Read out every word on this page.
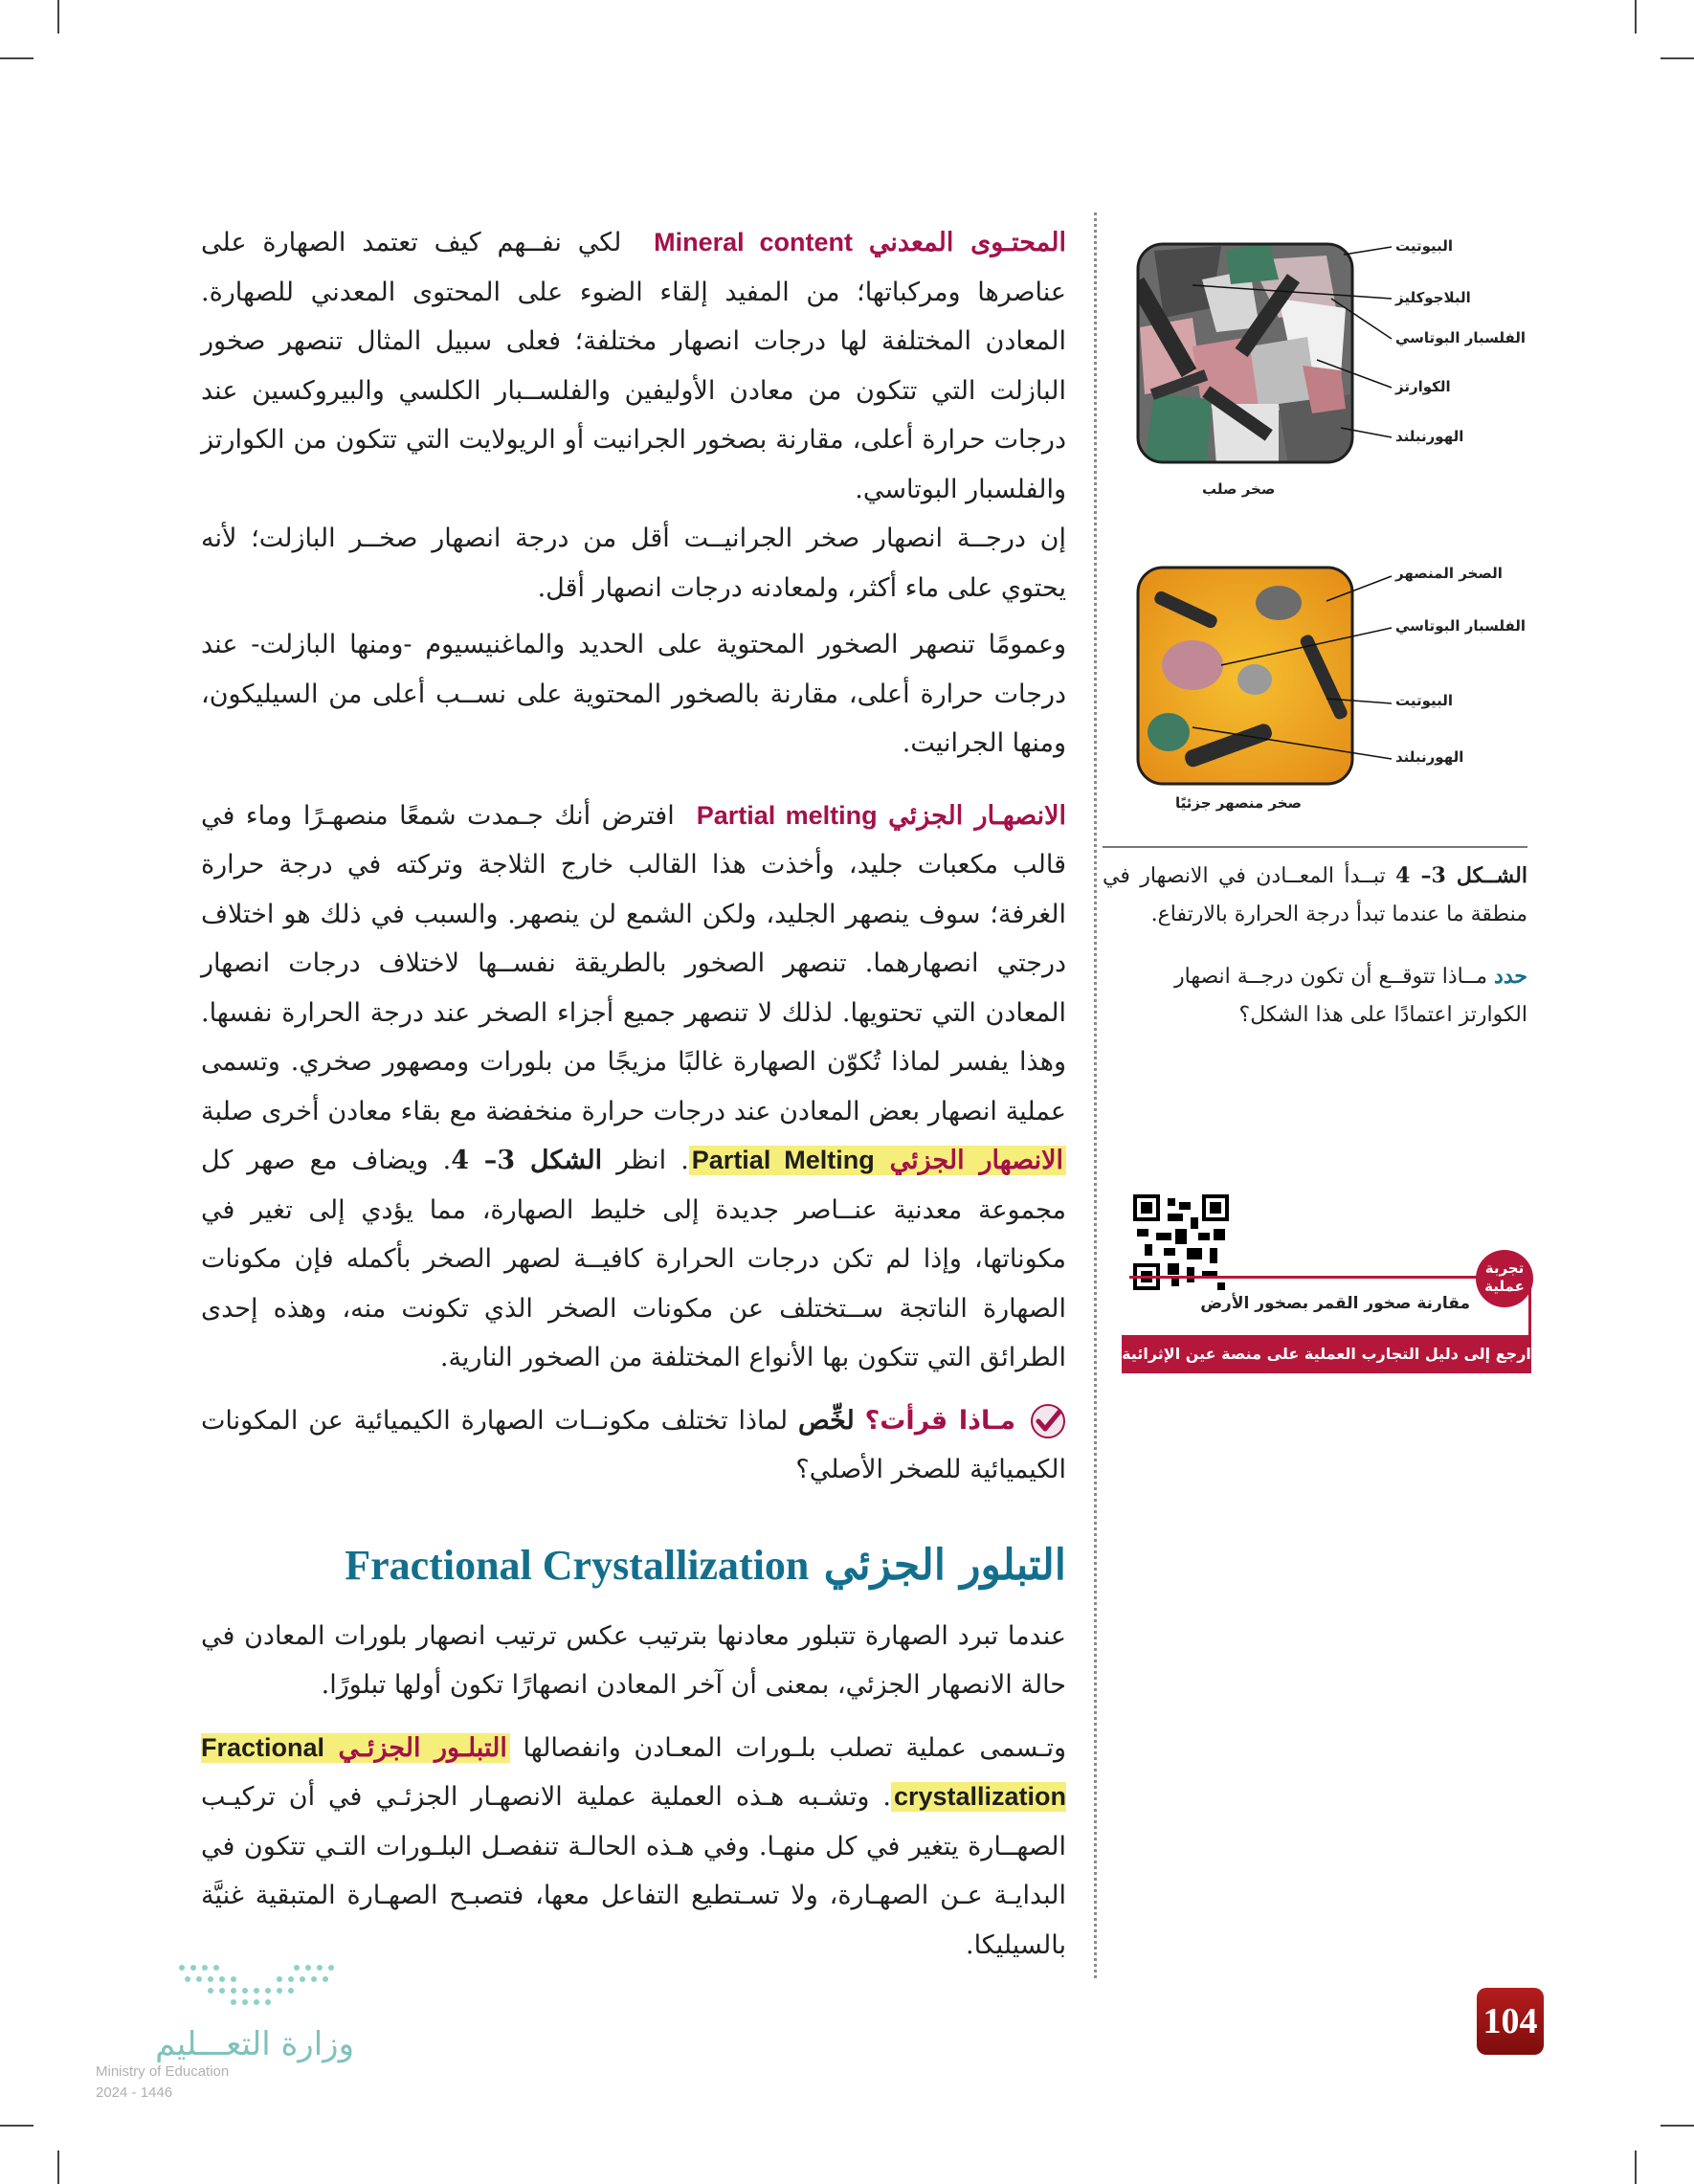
المحتـوى المعدني Mineral content  لكي نفــهم كيف تعتمد الصهارة على عناصرها ومركباتها؛ من المفيد إلقاء الضوء على المحتوى المعدني للصهارة. المعادن المختلفة لها درجات انصهار مختلفة؛ فعلى سبيل المثال تنصهر صخور البازلت التي تتكون من معادن الأوليفين والفلســبار الكلسي والبيروكسين عند درجات حرارة أعلى، مقارنة بصخور الجرانيت أو الريولايت التي تتكون من الكوارتز والفلسبار البوتاسي.

إن درجــة انصهار صخر الجرانيــت أقل من درجة انصهار صخــر البازلت؛ لأنه يحتوي على ماء أكثر، ولمعادنه درجات انصهار أقل.

وعمومًا تنصهر الصخور المحتوية على الحديد والماغنيسيوم -ومنها البازلت- عند درجات حرارة أعلى، مقارنة بالصخور المحتوية على نســب أعلى من السيليكون، ومنها الجرانيت.

الانصهـار الجزئي Partial melting  افترض أنك جـمدت شمعًا منصهـرًا وماء في قالب مكعبات جليد، وأخذت هذا القالب خارج الثلاجة وتركته في درجة حرارة الغرفة؛ سوف ينصهر الجليد، ولكن الشمع لن ينصهر. والسبب في ذلك هو اختلاف درجتي انصهارهما. تنصهر الصخور بالطريقة نفســها لاختلاف درجات انصهار المعادن التي تحتويها. لذلك لا تنصهر جميع أجزاء الصخر عند درجة الحرارة نفسها. وهذا يفسر لماذا تُكوّن الصهارة غالبًا مزيجًا من بلورات ومصهور صخري. وتسمى عملية انصهار بعض المعادن عند درجات حرارة منخفضة مع بقاء معادن أخرى صلبة الانصهار الجزئي Partial Melting. انظر الشكل 3– 4. ويضاف مع صهر كل مجموعة معدنية عنــاصر جديدة إلى خليط الصهارة، مما يؤدي إلى تغير في مكوناتها، وإذا لم تكن درجات الحرارة كافيــة لصهر الصخر بأكمله فإن مكونات الصهارة الناتجة ســتختلف عن مكونات الصخر الذي تكونت منه، وهذه إحدى الطرائق التي تتكون بها الأنواع المختلفة من الصخور النارية.

مـاذا قرأت؟ لخِّص لماذا تختلف مكونــات الصهارة الكيميائية عن المكونات الكيميائية للصخر الأصلي؟

التبلور الجزئي Fractional Crystallization

عندما تبرد الصهارة تتبلور معادنها بترتيب عكس ترتيب انصهار بلورات المعادن في حالة الانصهار الجزئي، بمعنى أن آخر المعادن انصهارًا تكون أولها تبلورًا.

وتـسمى عملية تصلب بلـورات المعـادن وانفصالها التبلـور الجزئـي Fractional crystallization. وتشـبه هـذه العملية عملية الانصهـار الجزئـي في أن تركيـب الصهــارة يتغير في كل منهـا. وفي هـذه الحالـة تنفصـل البلـورات التـي تتكون في البدايـة عـن الصهـارة، ولا تسـتطيع التفاعل معها، فتصبـح الصهـارة المتبقية غنيَّة بالسيليكا.

البيوتيت
البلاجوكليز
الفلسبار البوتاسي
الكوارتز
الهورنبلند
صخر صلب
الصخر المنصهر
الفلسبار البوتاسي
البيوتيت
الهورنبلند
صخر منصهر جزئيًا
الشــكل 3– 4 تبــدأ المعــادن في الانصهار في منطقة ما عندما تبدأ درجة الحرارة بالارتفاع.
حدد مــاذا تتوقــع أن تكون درجــة انصهار الكوارتز اعتمادًا على هذا الشكل؟
تجربة عملية
مقارنة صخور القمر بصخور الأرض
ارجع إلى دليل التجارب العملية على منصة عين الإثرائية
وزارة التعـــليم
Ministry of Education
2024 - 1446
104
